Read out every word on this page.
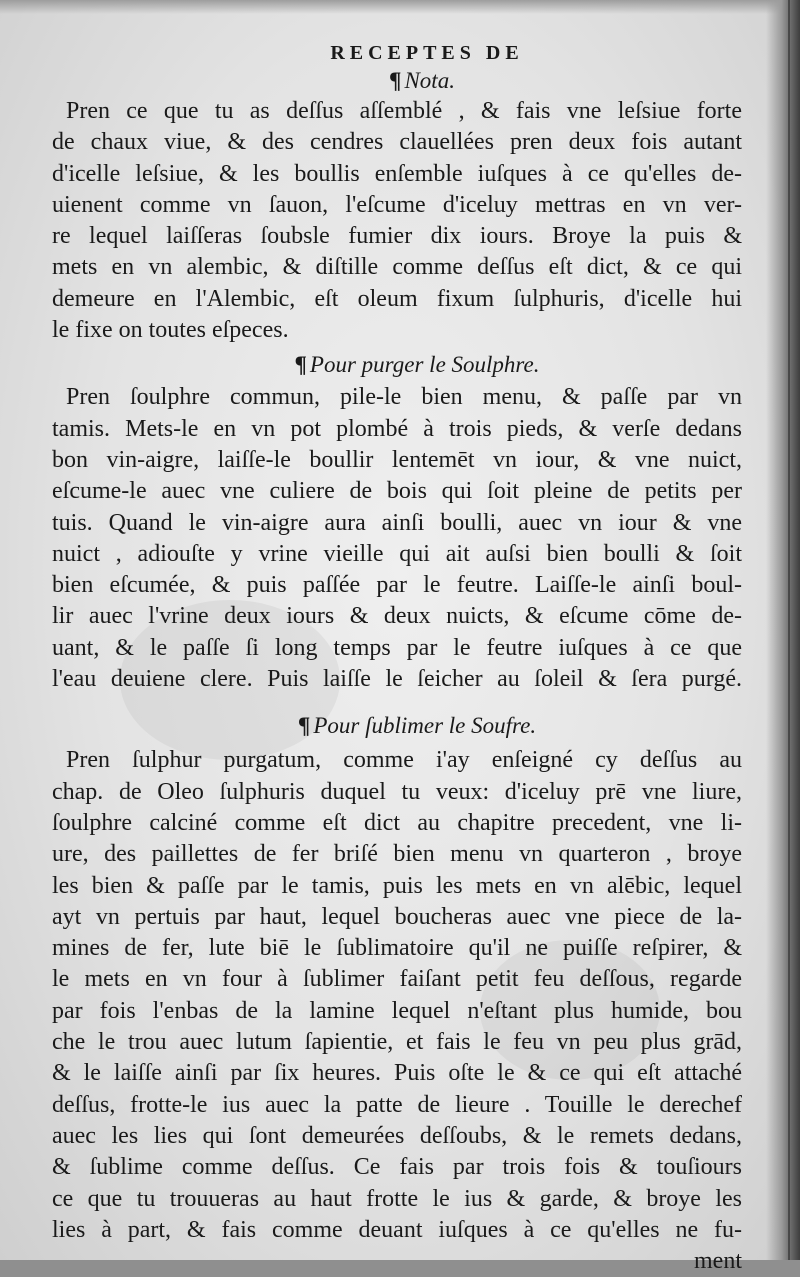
RECEPTES DE
¶ Nota.
Pren ce que tu as deſſus aſſemblé , & fais vne leſsiue forte
de chaux viue, & des cendres clauellées pren deux fois autant
d'icelle leſsiue, & les boullis enſemble iuſques à ce qu'elles de-
uienent comme vn ſauon, l'eſcume d'iceluy mettras en vn ver-
re lequel laiſſeras ſoubsle fumier dix iours. Broye la puis &
mets en vn alembic, & diſtille comme deſſus eſt dict, & ce qui
demeure en l'Alembic, eſt oleum fixum ſulphuris, d'icelle hui
le fixe on toutes eſpeces.
¶ Pour purger le Soulphre.
Pren ſoulphre commun, pile-le bien menu, & paſſe par vn
tamis. Mets-le en vn pot plombé à trois pieds, & verſe dedans
bon vin-aigre, laiſſe-le boullir lentemēt vn iour, & vne nuict,
eſcume-le auec vne culiere de bois qui ſoit pleine de petits per
tuis. Quand le vin-aigre aura ainſi boulli, auec vn iour & vne
nuict , adiouſte y vrine vieille qui ait auſsi bien boulli & ſoit
bien eſcumée, & puis paſſée par le feutre. Laiſſe-le ainſi boul-
lir auec l'vrine deux iours & deux nuicts, & eſcume cōme de-
uant, & le paſſe ſi long temps par le feutre iuſques à ce que
l'eau deuiene clere. Puis laiſſe le ſeicher au ſoleil & ſera purgé.
¶ Pour ſublimer le Soufre.
Pren ſulphur purgatum, comme i'ay enſeigné cy deſſus au
chap. de Oleo ſulphuris duquel tu veux: d'iceluy prē vne liure,
ſoulphre calciné comme eſt dict au chapitre precedent, vne li-
ure, des paillettes de fer briſé bien menu vn quarteron , broye
les bien & paſſe par le tamis, puis les mets en vn alēbic, lequel
ayt vn pertuis par haut, lequel boucheras auec vne piece de la-
mines de fer, lute biē le ſublimatoire qu'il ne puiſſe reſpirer, &
le mets en vn four à ſublimer faiſant petit feu deſſous, regarde
par fois l'enbas de la lamine lequel n'eſtant plus humide, bou
che le trou auec lutum ſapientie, et fais le feu vn peu plus grād,
& le laiſſe ainſi par ſix heures. Puis oſte le & ce qui eſt attaché
deſſus, frotte-le ius auec la patte de lieure . Touille le derechef
auec les lies qui ſont demeurées deſſoubs, & le remets dedans,
& ſublime comme deſſus. Ce fais par trois fois & touſiours
ce que tu trouueras au haut frotte le ius & garde, & broye les
lies à part, & fais comme deuant iuſques à ce qu'elles ne fu-
ment
